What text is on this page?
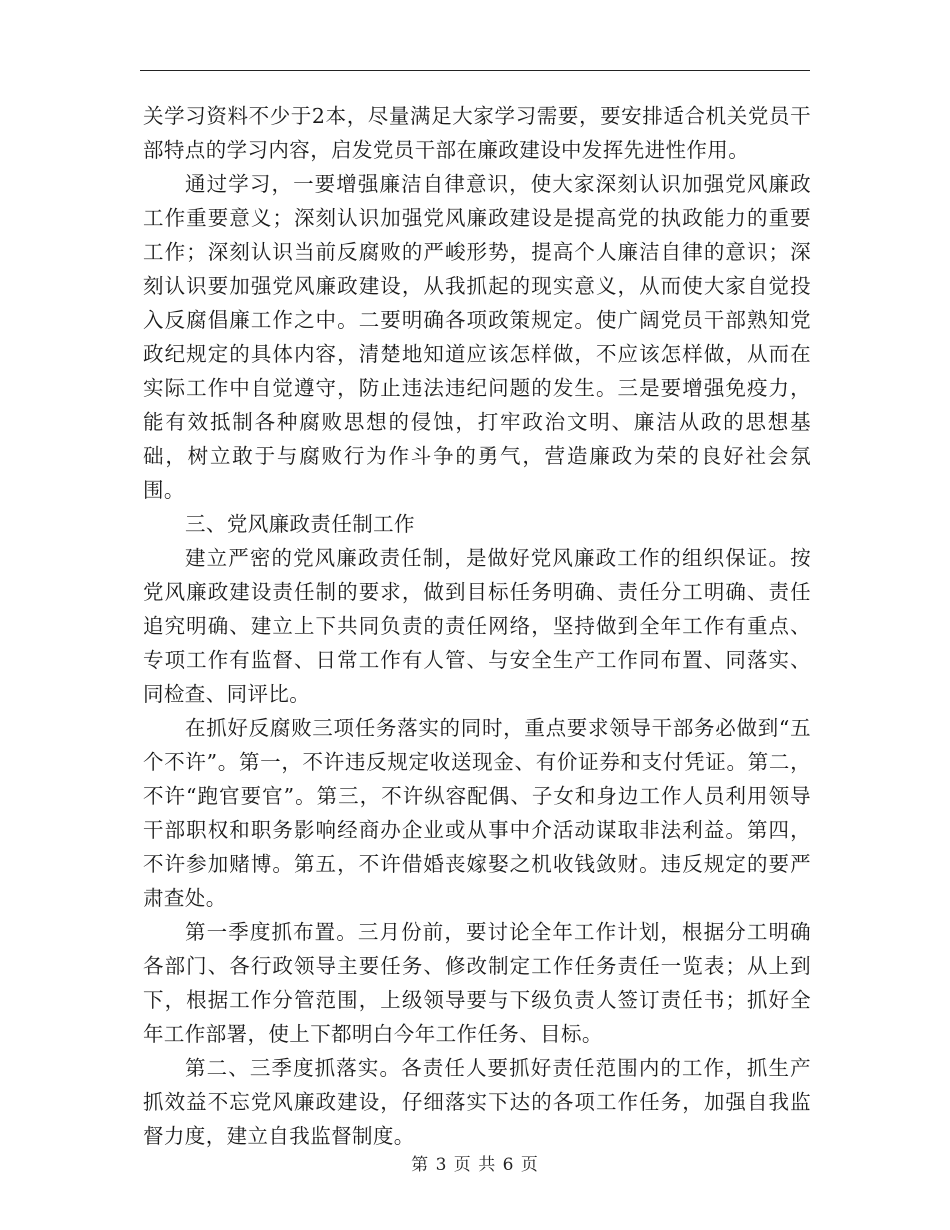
关学习资料不少于2本，尽量满足大家学习需要，要安排适合机关党员干部特点的学习内容，启发党员干部在廉政建设中发挥先进性作用。

通过学习，一要增强廉洁自律意识，使大家深刻认识加强党风廉政工作重要意义；深刻认识加强党风廉政建设是提高党的执政能力的重要工作；深刻认识当前反腐败的严峻形势，提高个人廉洁自律的意识；深刻认识要加强党风廉政建设，从我抓起的现实意义，从而使大家自觉投入反腐倡廉工作之中。二要明确各项政策规定。使广阔党员干部熟知党政纪规定的具体内容，清楚地知道应该怎样做，不应该怎样做，从而在实际工作中自觉遵守，防止违法违纪问题的发生。三是要增强免疫力，能有效抵制各种腐败思想的侵蚀，打牢政治文明、廉洁从政的思想基础，树立敢于与腐败行为作斗争的勇气，营造廉政为荣的良好社会氛围。

三、党风廉政责任制工作

建立严密的党风廉政责任制，是做好党风廉政工作的组织保证。按党风廉政建设责任制的要求，做到目标任务明确、责任分工明确、责任追究明确、建立上下共同负责的责任网络，坚持做到全年工作有重点、专项工作有监督、日常工作有人管、与安全生产工作同布置、同落实、同检查、同评比。

在抓好反腐败三项任务落实的同时，重点要求领导干部务必做到“五个不许”。第一，不许违反规定收送现金、有价证券和支付凭证。第二，不许“跑官要官”。第三，不许纵容配偶、子女和身边工作人员利用领导干部职权和职务影响经商办企业或从事中介活动谋取非法利益。第四，不许参加赌博。第五，不许借婚丧嫁娶之机收钱敛财。违反规定的要严肃查处。

第一季度抓布置。三月份前，要讨论全年工作计划，根据分工明确各部门、各行政领导主要任务、修改制定工作任务责任一览表；从上到下，根据工作分管范围，上级领导要与下级负责人签订责任书；抓好全年工作部署，使上下都明白今年工作任务、目标。

第二、三季度抓落实。各责任人要抓好责任范围内的工作，抓生产抓效益不忘党风廉政建设，仔细落实下达的各项工作任务，加强自我监督力度，建立自我监督制度。

第 3 页 共 6 页
